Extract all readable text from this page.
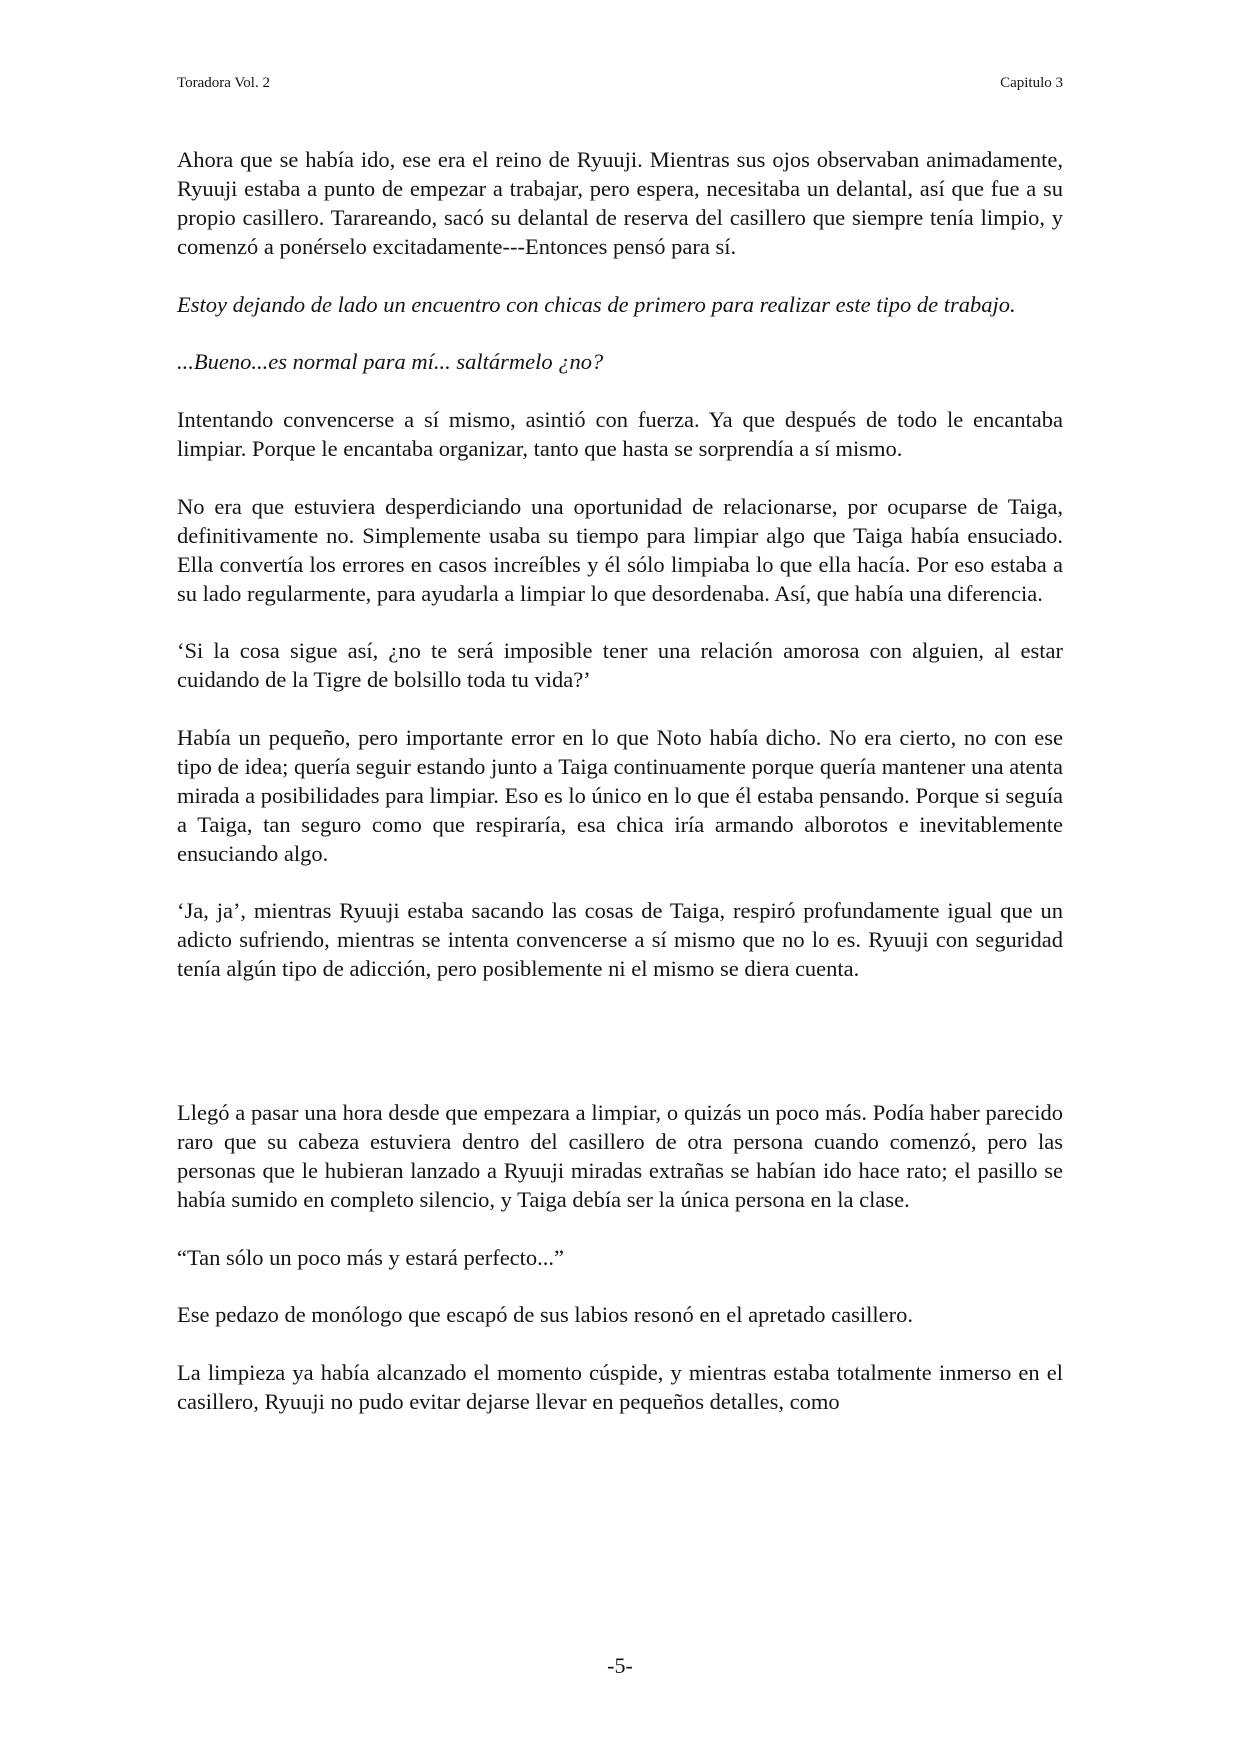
Toradora Vol. 2	Capitulo 3

Ahora que se había ido, ese era el reino de Ryuuji. Mientras sus ojos observaban animadamente, Ryuuji estaba a punto de empezar a trabajar, pero espera, necesitaba un delantal, así que fue a su propio casillero. Tarareando, sacó su delantal de reserva del casillero que siempre tenía limpio, y comenzó a ponérselo excitadamente---Entonces pensó para sí.

Estoy dejando de lado un encuentro con chicas de primero para realizar este tipo de trabajo.

...Bueno...es normal para mí... saltármelo ¿no?

Intentando convencerse a sí mismo, asintió con fuerza. Ya que después de todo le encantaba limpiar. Porque le encantaba organizar, tanto que hasta se sorprendía a sí mismo.

No era que estuviera desperdiciando una oportunidad de relacionarse, por ocuparse de Taiga, definitivamente no. Simplemente usaba su tiempo para limpiar algo que Taiga había ensuciado. Ella convertía los errores en casos increíbles y él sólo limpiaba lo que ella hacía. Por eso estaba a su lado regularmente, para ayudarla a limpiar lo que desordenaba. Así, que había una diferencia.

‘Si la cosa sigue así, ¿no te será imposible tener una relación amorosa con alguien, al estar cuidando de la Tigre de bolsillo toda tu vida?’

Había un pequeño, pero importante error en lo que Noto había dicho. No era cierto, no con ese tipo de idea; quería seguir estando junto a Taiga continuamente porque quería mantener una atenta mirada a posibilidades para limpiar. Eso es lo único en lo que él estaba pensando. Porque si seguía a Taiga, tan seguro como que respiraría, esa chica iría armando alborotos e inevitablemente ensuciando algo.

‘Ja, ja’, mientras Ryuuji estaba sacando las cosas de Taiga, respiró profundamente igual que un adicto sufriendo, mientras se intenta convencerse a sí mismo que no lo es. Ryuuji con seguridad tenía algún tipo de adicción, pero posiblemente ni el mismo se diera cuenta.

Llegó a pasar una hora desde que empezara a limpiar, o quizás un poco más. Podía haber parecido raro que su cabeza estuviera dentro del casillero de otra persona cuando comenzó, pero las personas que le hubieran lanzado a Ryuuji miradas extrañas se habían ido hace rato; el pasillo se había sumido en completo silencio, y Taiga debía ser la única persona en la clase.

“Tan sólo un poco más y estará perfecto...”

Ese pedazo de monólogo que escapó de sus labios resonó en el apretado casillero.

La limpieza ya había alcanzado el momento cúspide, y mientras estaba totalmente inmerso en el casillero, Ryuuji no pudo evitar dejarse llevar en pequeños detalles, como

-5-
